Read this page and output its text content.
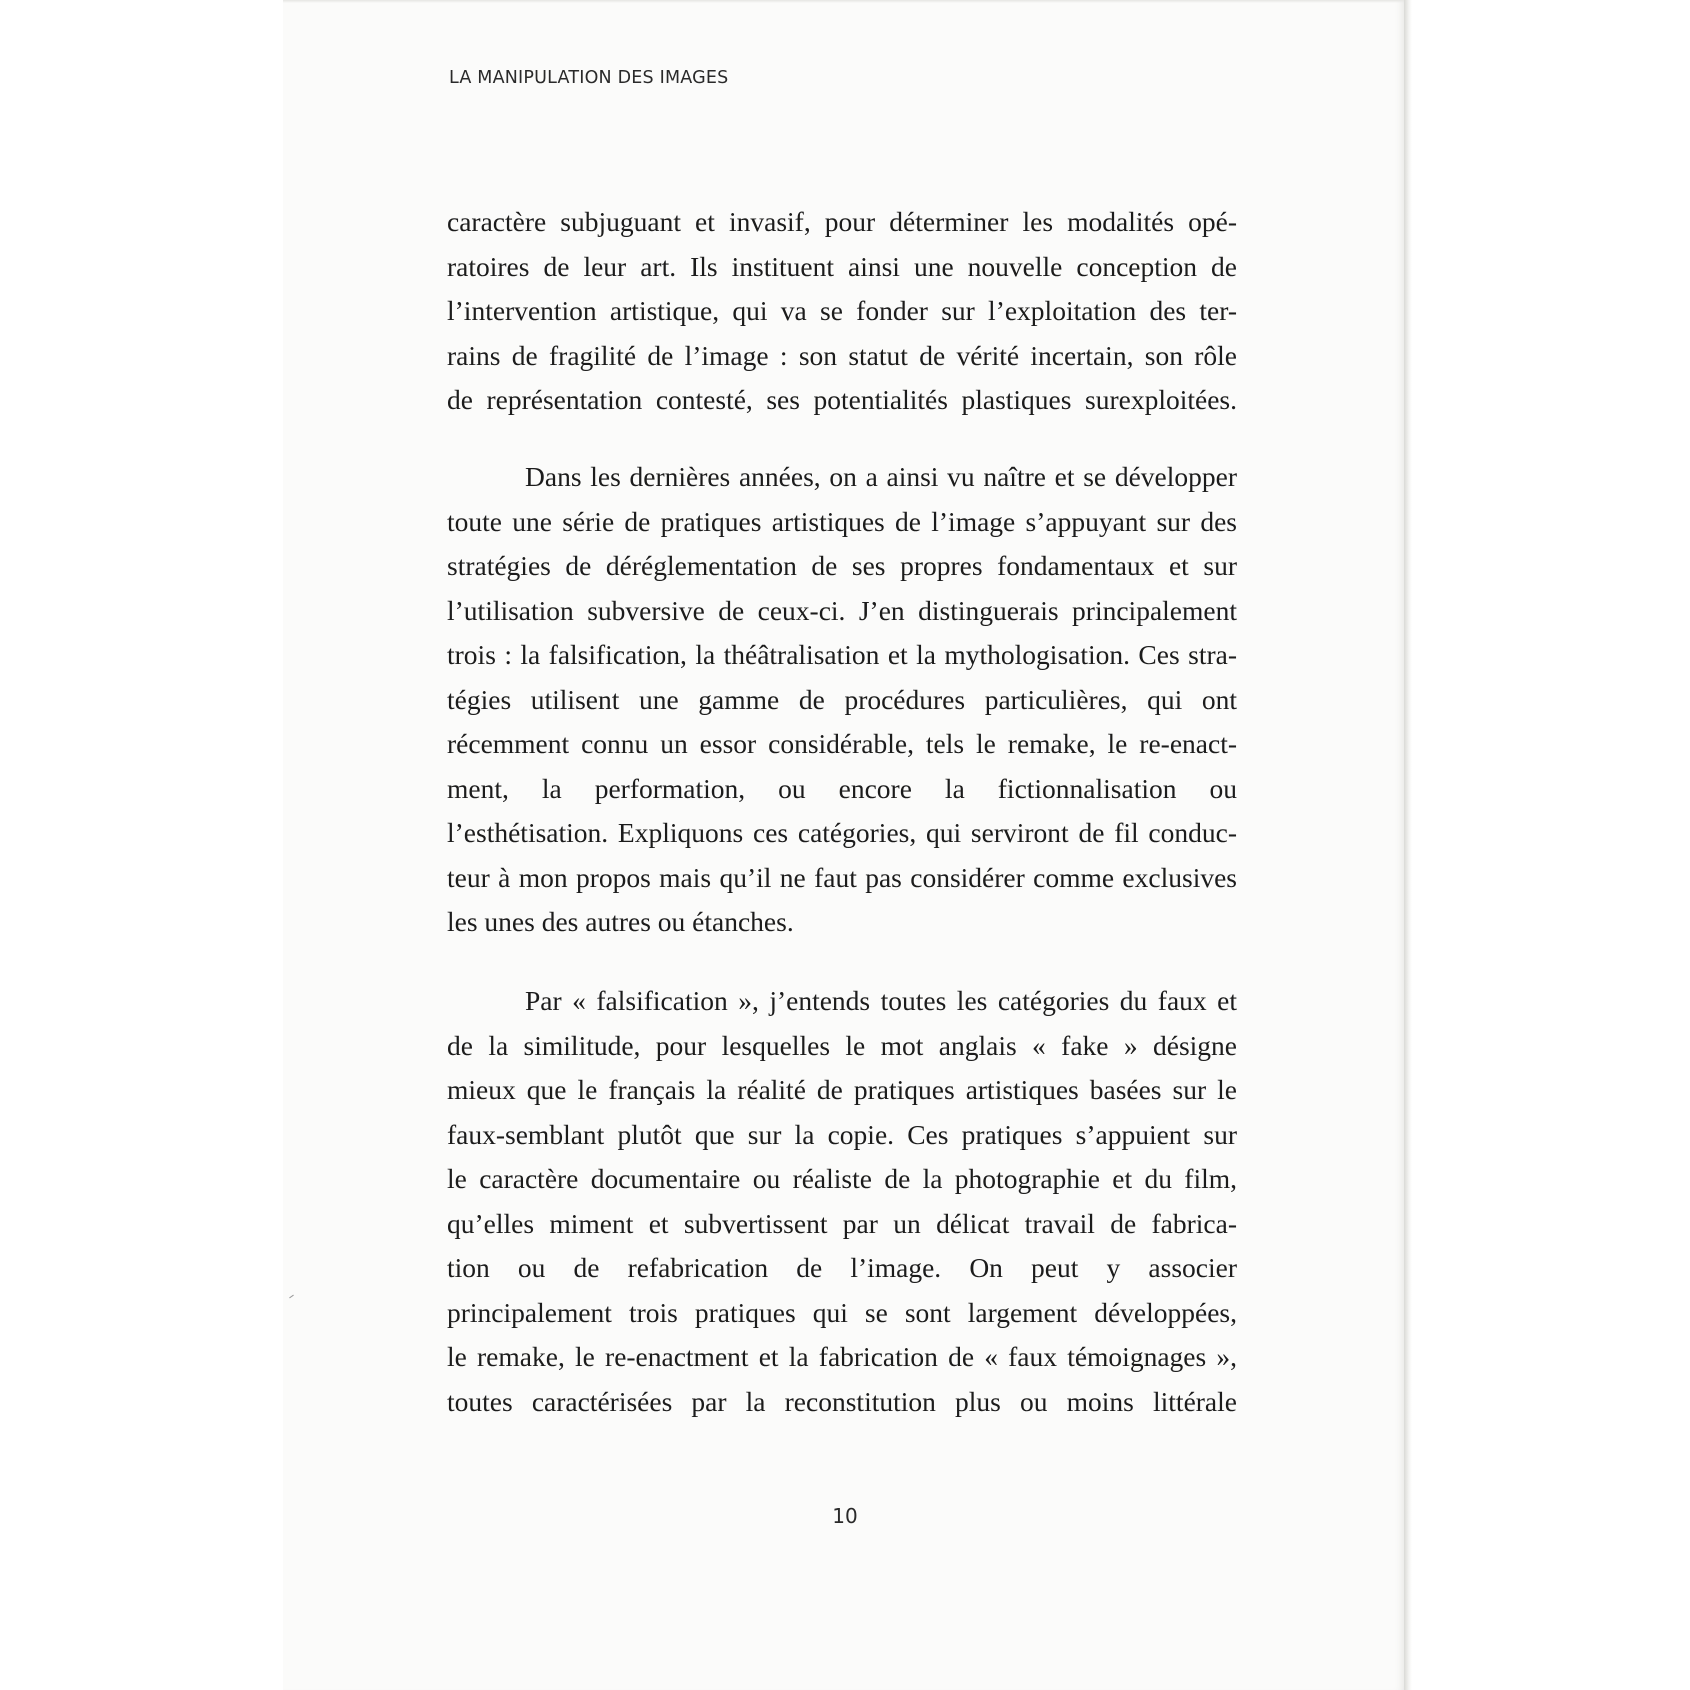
LA MANIPULATION DES IMAGES
caractère subjuguant et invasif, pour déterminer les modalités opé-
ratoires de leur art. Ils instituent ainsi une nouvelle conception de
l’intervention artistique, qui va se fonder sur l’exploitation des ter-
rains de fragilité de l’image : son statut de vérité incertain, son rôle
de représentation contesté, ses potentialités plastiques surexploitées.
Dans les dernières années, on a ainsi vu naître et se développer
toute une série de pratiques artistiques de l’image s’appuyant sur des
stratégies de déréglementation de ses propres fondamentaux et sur
l’utilisation subversive de ceux-ci. J’en distinguerais principalement
trois : la falsification, la théâtralisation et la mythologisation. Ces stra-
tégies utilisent une gamme de procédures particulières, qui ont
récemment connu un essor considérable, tels le remake, le re-enact-
ment, la performation, ou encore la fictionnalisation ou
l’esthétisation. Expliquons ces catégories, qui serviront de fil conduc-
teur à mon propos mais qu’il ne faut pas considérer comme exclusives
les unes des autres ou étanches.
Par « falsification », j’entends toutes les catégories du faux et
de la similitude, pour lesquelles le mot anglais « fake » désigne
mieux que le français la réalité de pratiques artistiques basées sur le
faux-semblant plutôt que sur la copie. Ces pratiques s’appuient sur
le caractère documentaire ou réaliste de la photographie et du film,
qu’elles miment et subvertissent par un délicat travail de fabrica-
tion ou de refabrication de l’image. On peut y associer
principalement trois pratiques qui se sont largement développées,
le remake, le re-enactment et la fabrication de « faux témoignages »,
toutes caractérisées par la reconstitution plus ou moins littérale
10
